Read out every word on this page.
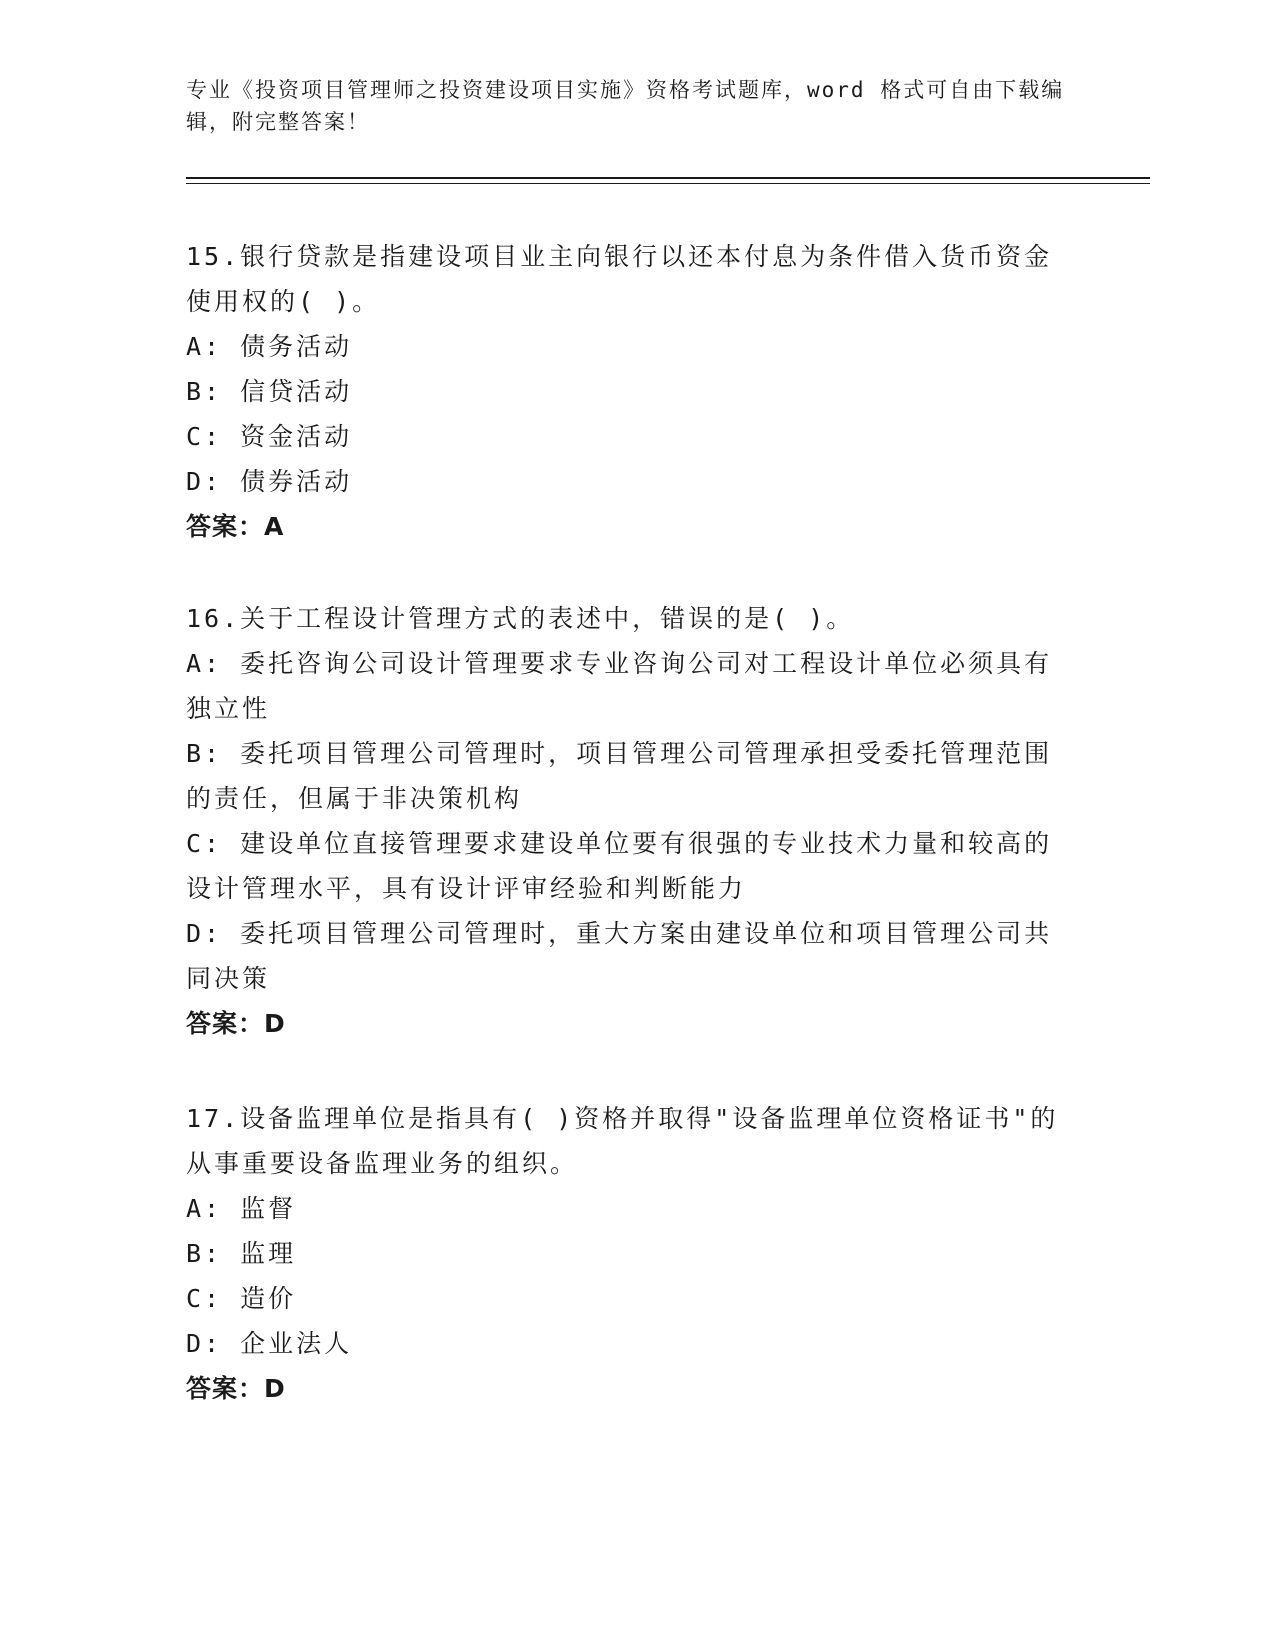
专业《投资项目管理师之投资建设项目实施》资格考试题库，word 格式可自由下载编辑，附完整答案！
15.银行贷款是指建设项目业主向银行以还本付息为条件借入货币资金使用权的( )。
A: 债务活动
B: 信贷活动
C: 资金活动
D: 债券活动
答案：A
16.关于工程设计管理方式的表述中，错误的是( )。
A: 委托咨询公司设计管理要求专业咨询公司对工程设计单位必须具有独立性
B: 委托项目管理公司管理时，项目管理公司管理承担受委托管理范围的责任，但属于非决策机构
C: 建设单位直接管理要求建设单位要有很强的专业技术力量和较高的设计管理水平，具有设计评审经验和判断能力
D: 委托项目管理公司管理时，重大方案由建设单位和项目管理公司共同决策
答案：D
17.设备监理单位是指具有( )资格并取得"设备监理单位资格证书"的从事重要设备监理业务的组织。
A: 监督
B: 监理
C: 造价
D: 企业法人
答案：D
